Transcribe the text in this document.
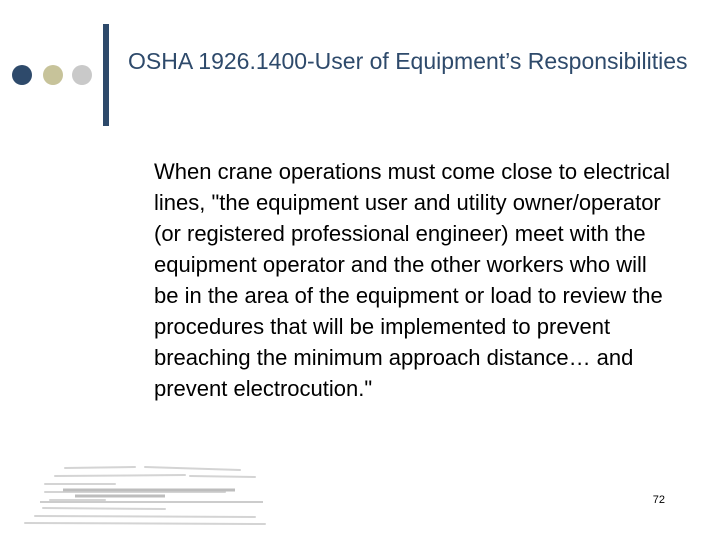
OSHA 1926.1400-User of Equipment’s Responsibilities

When crane operations must come close to electrical lines, "the equipment user and utility owner/operator (or registered professional engineer) meet with the equipment operator and the other workers who will be in the area of the equipment or load to review the procedures that will be implemented to prevent breaching the minimum approach distance… and prevent electrocution."

72
